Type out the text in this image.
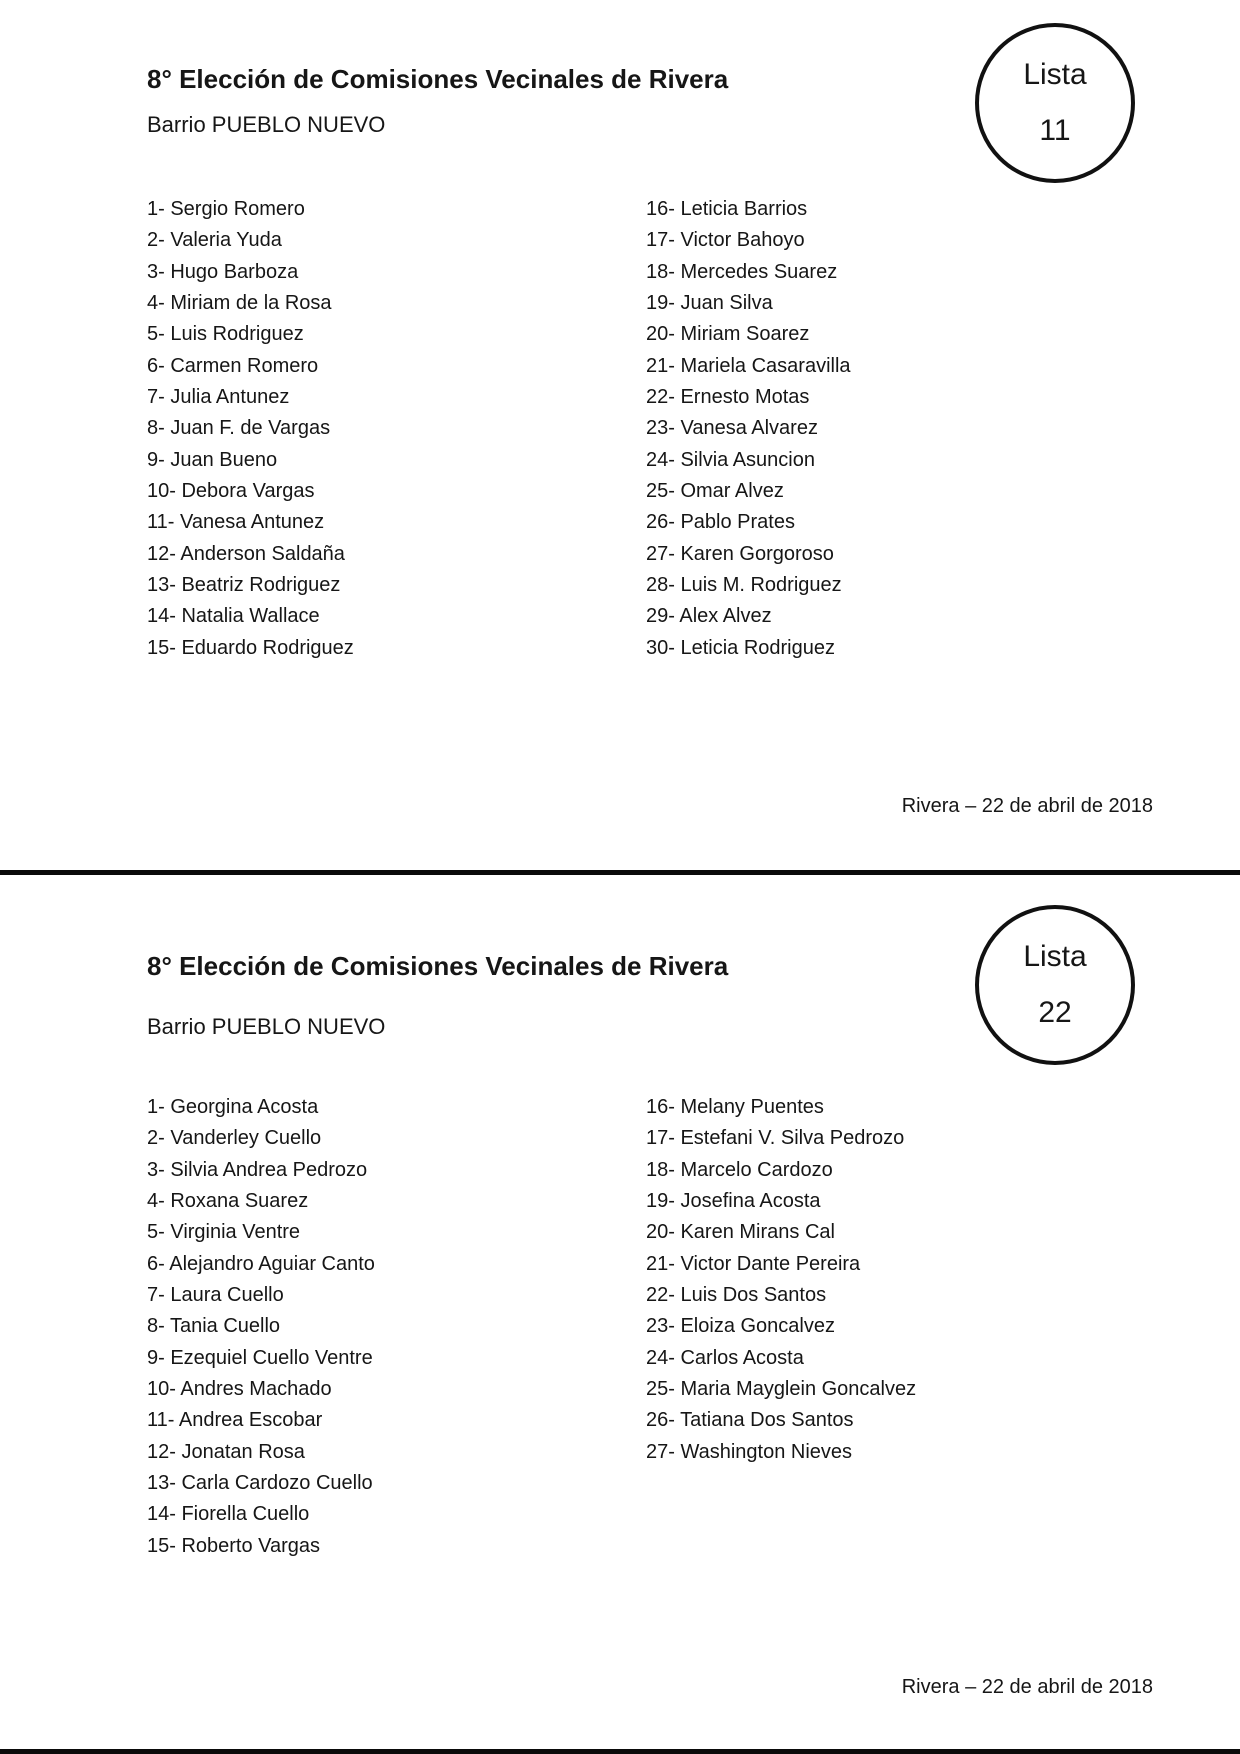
8° Elección de Comisiones Vecinales de Rivera
Barrio PUEBLO NUEVO
Lista
11
1- Sergio Romero
2- Valeria Yuda
3- Hugo Barboza
4- Miriam de la Rosa
5- Luis Rodriguez
6- Carmen Romero
7- Julia Antunez
8- Juan F. de Vargas
9- Juan Bueno
10- Debora Vargas
11- Vanesa Antunez
12- Anderson Saldaña
13- Beatriz Rodriguez
14- Natalia Wallace
15- Eduardo Rodriguez
16- Leticia Barrios
17- Victor Bahoyo
18- Mercedes Suarez
19- Juan Silva
20- Miriam Soarez
21- Mariela Casaravilla
22- Ernesto Motas
23- Vanesa Alvarez
24- Silvia Asuncion
25- Omar Alvez
26- Pablo Prates
27- Karen Gorgoroso
28- Luis M. Rodriguez
29- Alex Alvez
30- Leticia Rodriguez
Rivera – 22 de abril de 2018
8° Elección de Comisiones Vecinales de Rivera
Barrio PUEBLO NUEVO
Lista
22
1- Georgina Acosta
2- Vanderley Cuello
3- Silvia Andrea Pedrozo
4- Roxana Suarez
5- Virginia Ventre
6- Alejandro Aguiar Canto
7- Laura Cuello
8- Tania Cuello
9- Ezequiel Cuello Ventre
10- Andres Machado
11- Andrea Escobar
12- Jonatan Rosa
13- Carla Cardozo Cuello
14- Fiorella Cuello
15- Roberto Vargas
16- Melany Puentes
17- Estefani V. Silva Pedrozo
18- Marcelo Cardozo
19- Josefina Acosta
20- Karen Mirans Cal
21- Victor Dante Pereira
22- Luis Dos Santos
23- Eloiza Goncalvez
24- Carlos Acosta
25- Maria Mayglein Goncalvez
26- Tatiana Dos Santos
27- Washington Nieves
Rivera – 22 de abril de 2018
